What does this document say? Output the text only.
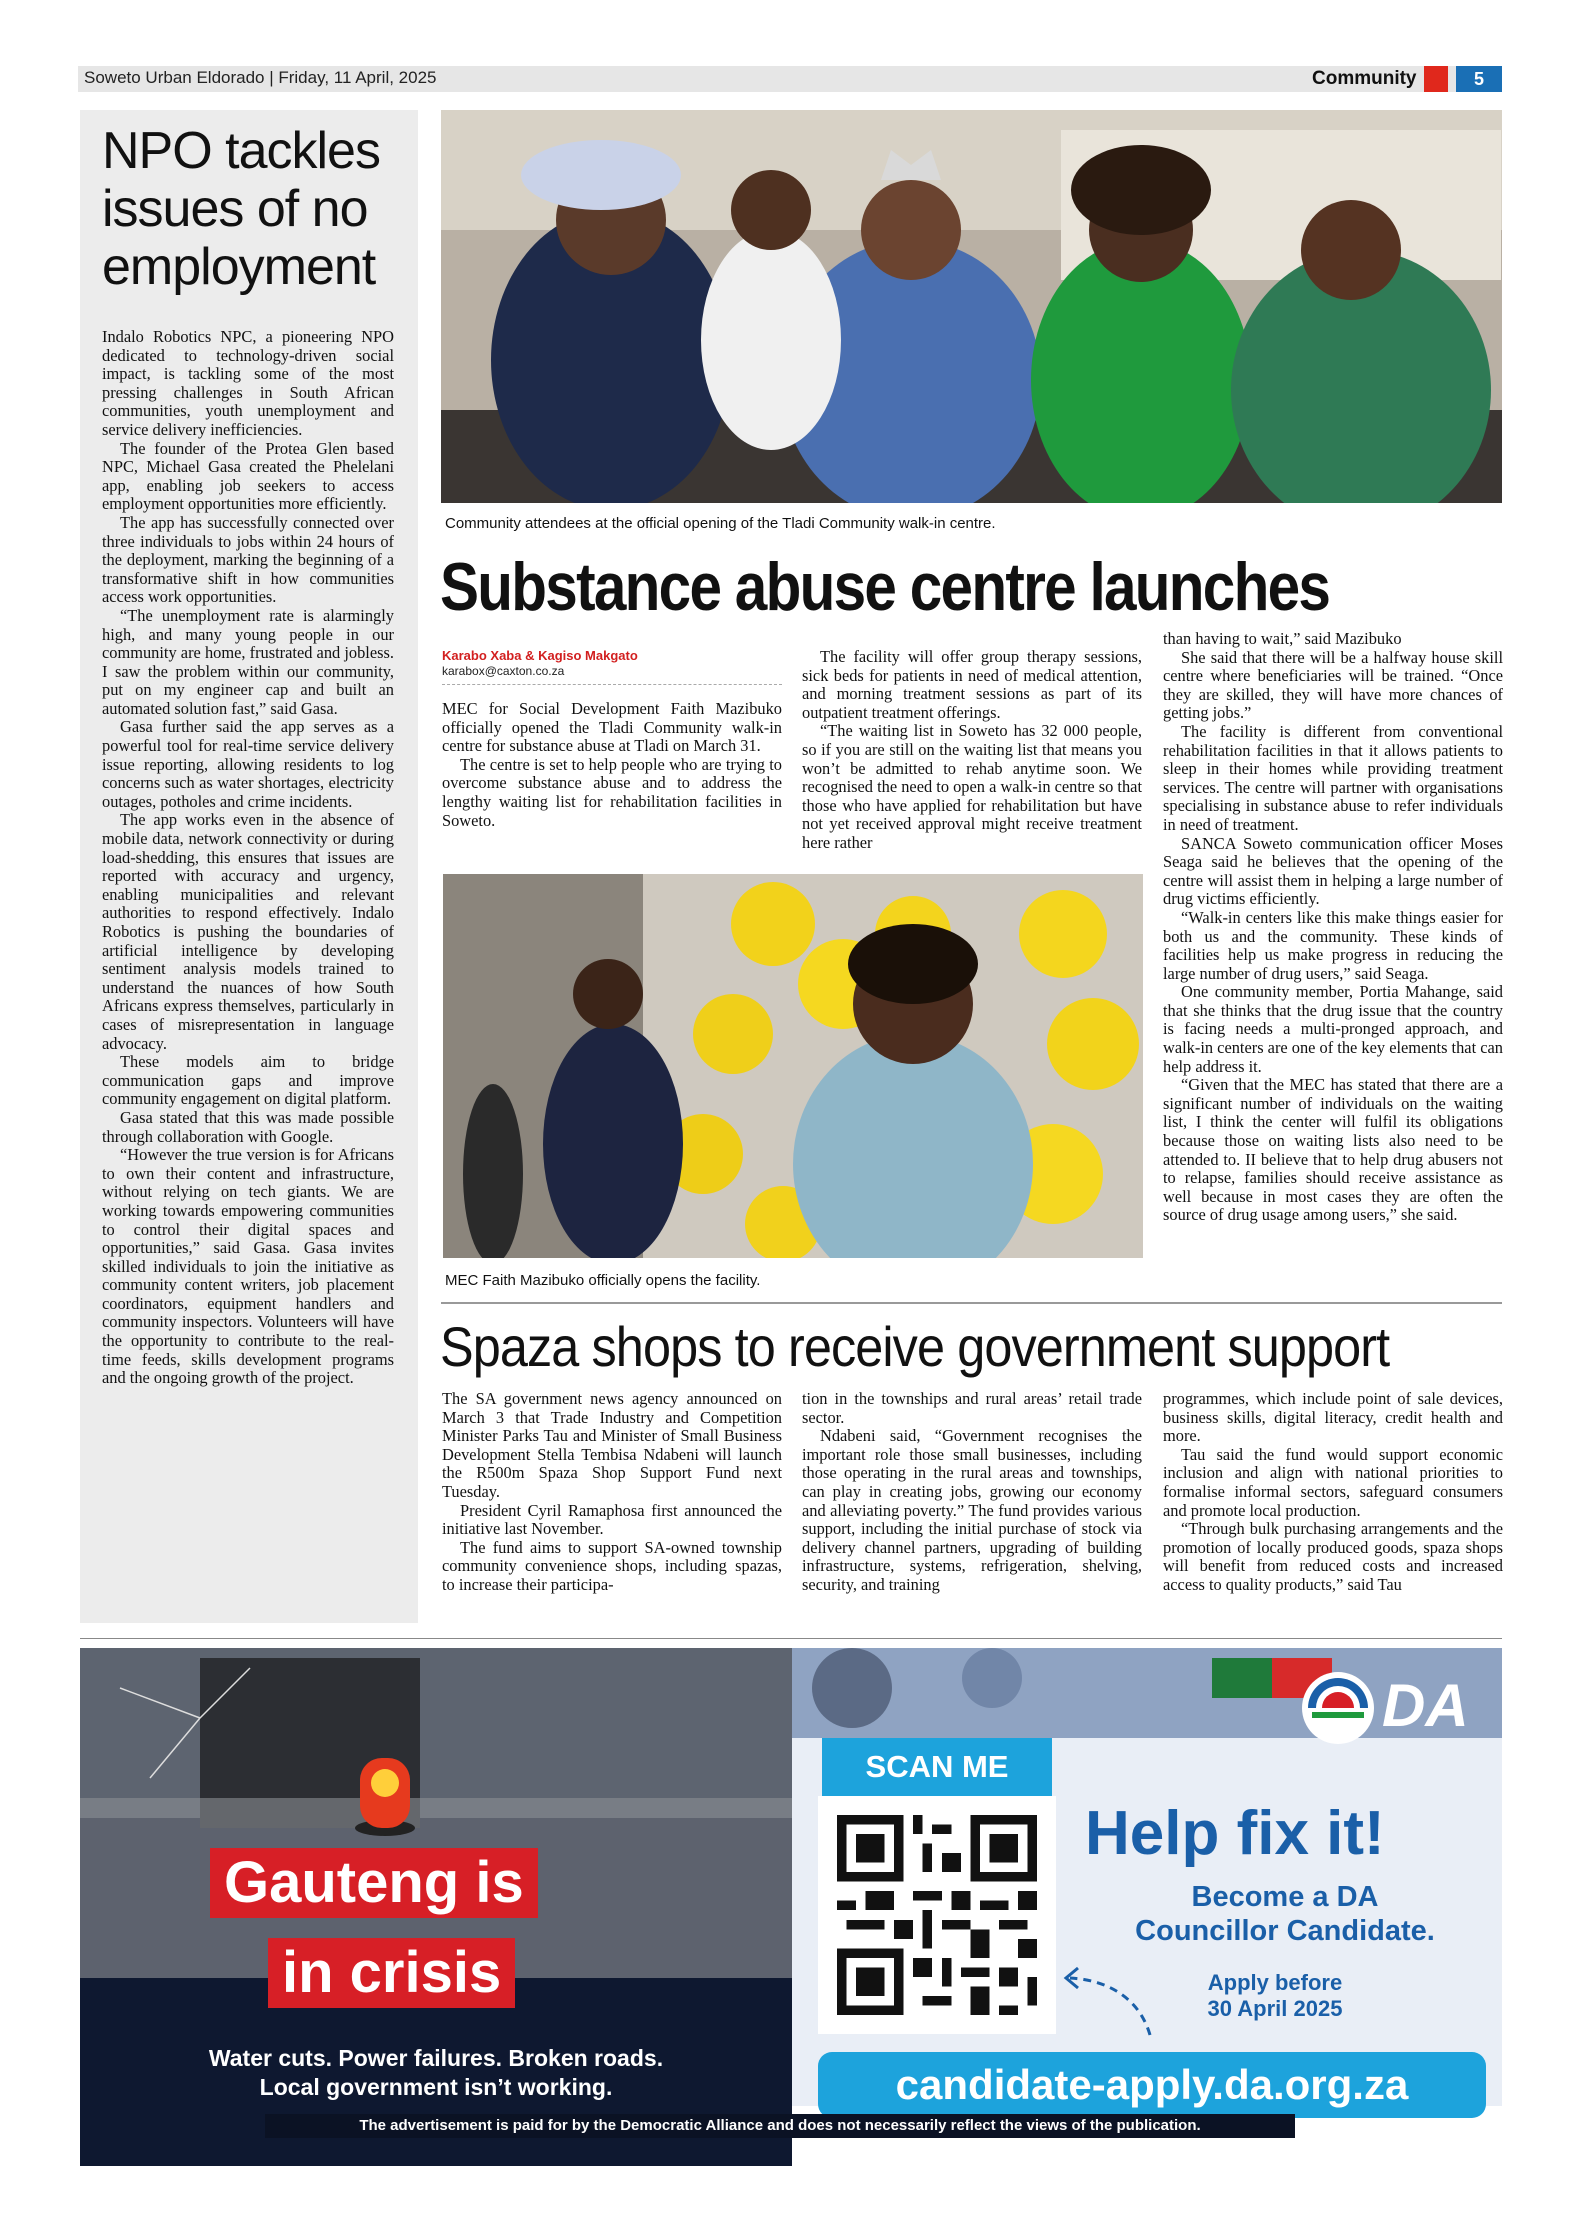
Soweto Urban Eldorado | Friday, 11 April, 2025	Community	5
NPO tackles issues of no employment

Indalo Robotics NPC, a pioneering NPO dedicated to technology-driven social impact, is tackling some of the most pressing challenges in South African communities, youth unemployment and service delivery inefficiencies.

The founder of the Protea Glen based NPC, Michael Gasa created the Phelelani app, enabling job seekers to access employment opportunities more efficiently.

The app has successfully connected over three individuals to jobs within 24 hours of the deployment, marking the beginning of a transformative shift in how communities access work opportunities.

“The unemployment rate is alarmingly high, and many young people in our community are home, frustrated and jobless. I saw the problem within our community, put on my engineer cap and built an automated solution fast,” said Gasa.

Gasa further said the app serves as a powerful tool for real-time service delivery issue reporting, allowing residents to log concerns such as water shortages, electricity outages, potholes and crime incidents.

The app works even in the absence of mobile data, network connectivity or during load-shedding, this ensures that issues are reported with accuracy and urgency, enabling municipalities and relevant authorities to respond effectively. Indalo Robotics is pushing the boundaries of artificial intelligence by developing sentiment analysis models trained to understand the nuances of how South Africans express themselves, particularly in cases of misrepresentation in language advocacy.

These models aim to bridge communication gaps and improve community engagement on digital platform.

Gasa stated that this was made possible through collaboration with Google.

“However the true version is for Africans to own their content and infrastructure, without relying on tech giants. We are working towards empowering communities to control their digital spaces and opportunities,” said Gasa. Gasa invites skilled individuals to join the initiative as community content writers, job placement coordinators, equipment handlers and community inspectors. Volunteers will have the opportunity to contribute to the real-time feeds, skills development programs and the ongoing growth of the project.

Community attendees at the official opening of the Tladi Community walk-in centre.
Substance abuse centre launches
Karabo Xaba & Kagiso Makgato
karabox@caxton.co.za

MEC for Social Development Faith Mazibuko officially opened the Tladi Community walk-in centre for substance abuse at Tladi on March 31.

The centre is set to help people who are trying to overcome substance abuse and to address the lengthy waiting list for rehabilitation facilities in Soweto.

The facility will offer group therapy sessions, sick beds for patients in need of medical attention, and morning treatment sessions as part of its outpatient treatment offerings.

“The waiting list in Soweto has 32 000 people, so if you are still on the waiting list that means you won’t be admitted to rehab anytime soon. We recognised the need to open a walk-in centre so that those who have applied for rehabilitation but have not yet received approval might receive treatment here rather

than having to wait,” said Mazibuko

She said that there will be a halfway house skill centre where beneficiaries will be trained. “Once they are skilled, they will have more chances of getting jobs.”

The facility is different from conventional rehabilitation facilities in that it allows patients to sleep in their homes while providing treatment services. The centre will partner with organisations specialising in substance abuse to refer individuals in need of treatment.

SANCA Soweto communication officer Moses Seaga said he believes that the opening of the centre will assist them in helping a large number of drug victims efficiently.

“Walk-in centers like this make things easier for both us and the community. These kinds of facilities help us make progress in reducing the large number of drug users,” said Seaga.

One community member, Portia Mahange, said that she thinks that the drug issue that the country is facing needs a multi-pronged approach, and walk-in centers are one of the key elements that can help address it.

“Given that the MEC has stated that there are a significant number of individuals on the waiting list, I think the center will fulfil its obligations because those on waiting lists also need to be attended to. II believe that to help drug abusers not to relapse, families should receive assistance as well because in most cases they are often the source of drug usage among users,” she said.

MEC Faith Mazibuko officially opens the facility.
Spaza shops to receive government support

The SA government news agency announced on March 3 that Trade Industry and Competition Minister Parks Tau and Minister of Small Business Development Stella Tembisa Ndabeni will launch the R500m Spaza Shop Support Fund next Tuesday.

President Cyril Ramaphosa first announced the initiative last November.

The fund aims to support SA-owned township community convenience shops, including spazas, to increase their participa-

tion in the townships and rural areas’ retail trade sector.

Ndabeni said, “Government recognises the important role those small businesses, including those operating in the rural areas and townships, can play in creating jobs, growing our economy and alleviating poverty.” The fund provides various support, including the initial purchase of stock via delivery channel partners, upgrading of building infrastructure, systems, refrigeration, shelving, security, and training

programmes, which include point of sale devices, business skills, digital literacy, credit health and more.

Tau said the fund would support economic inclusion and align with national priorities to formalise informal sectors, safeguard consumers and promote local production.

“Through bulk purchasing arrangements and the promotion of locally produced goods, spaza shops will benefit from reduced costs and increased access to quality products,” said Tau

Gauteng is
in crisis
Water cuts. Power failures. Broken roads.
Local government isn’t working.
DA
SCAN ME
Help fix it!
Become a DA
Councillor Candidate.
Apply before
30 April 2025
candidate-apply.da.org.za
The advertisement is paid for by the Democratic Alliance and does not necessarily reflect the views of the publication.
